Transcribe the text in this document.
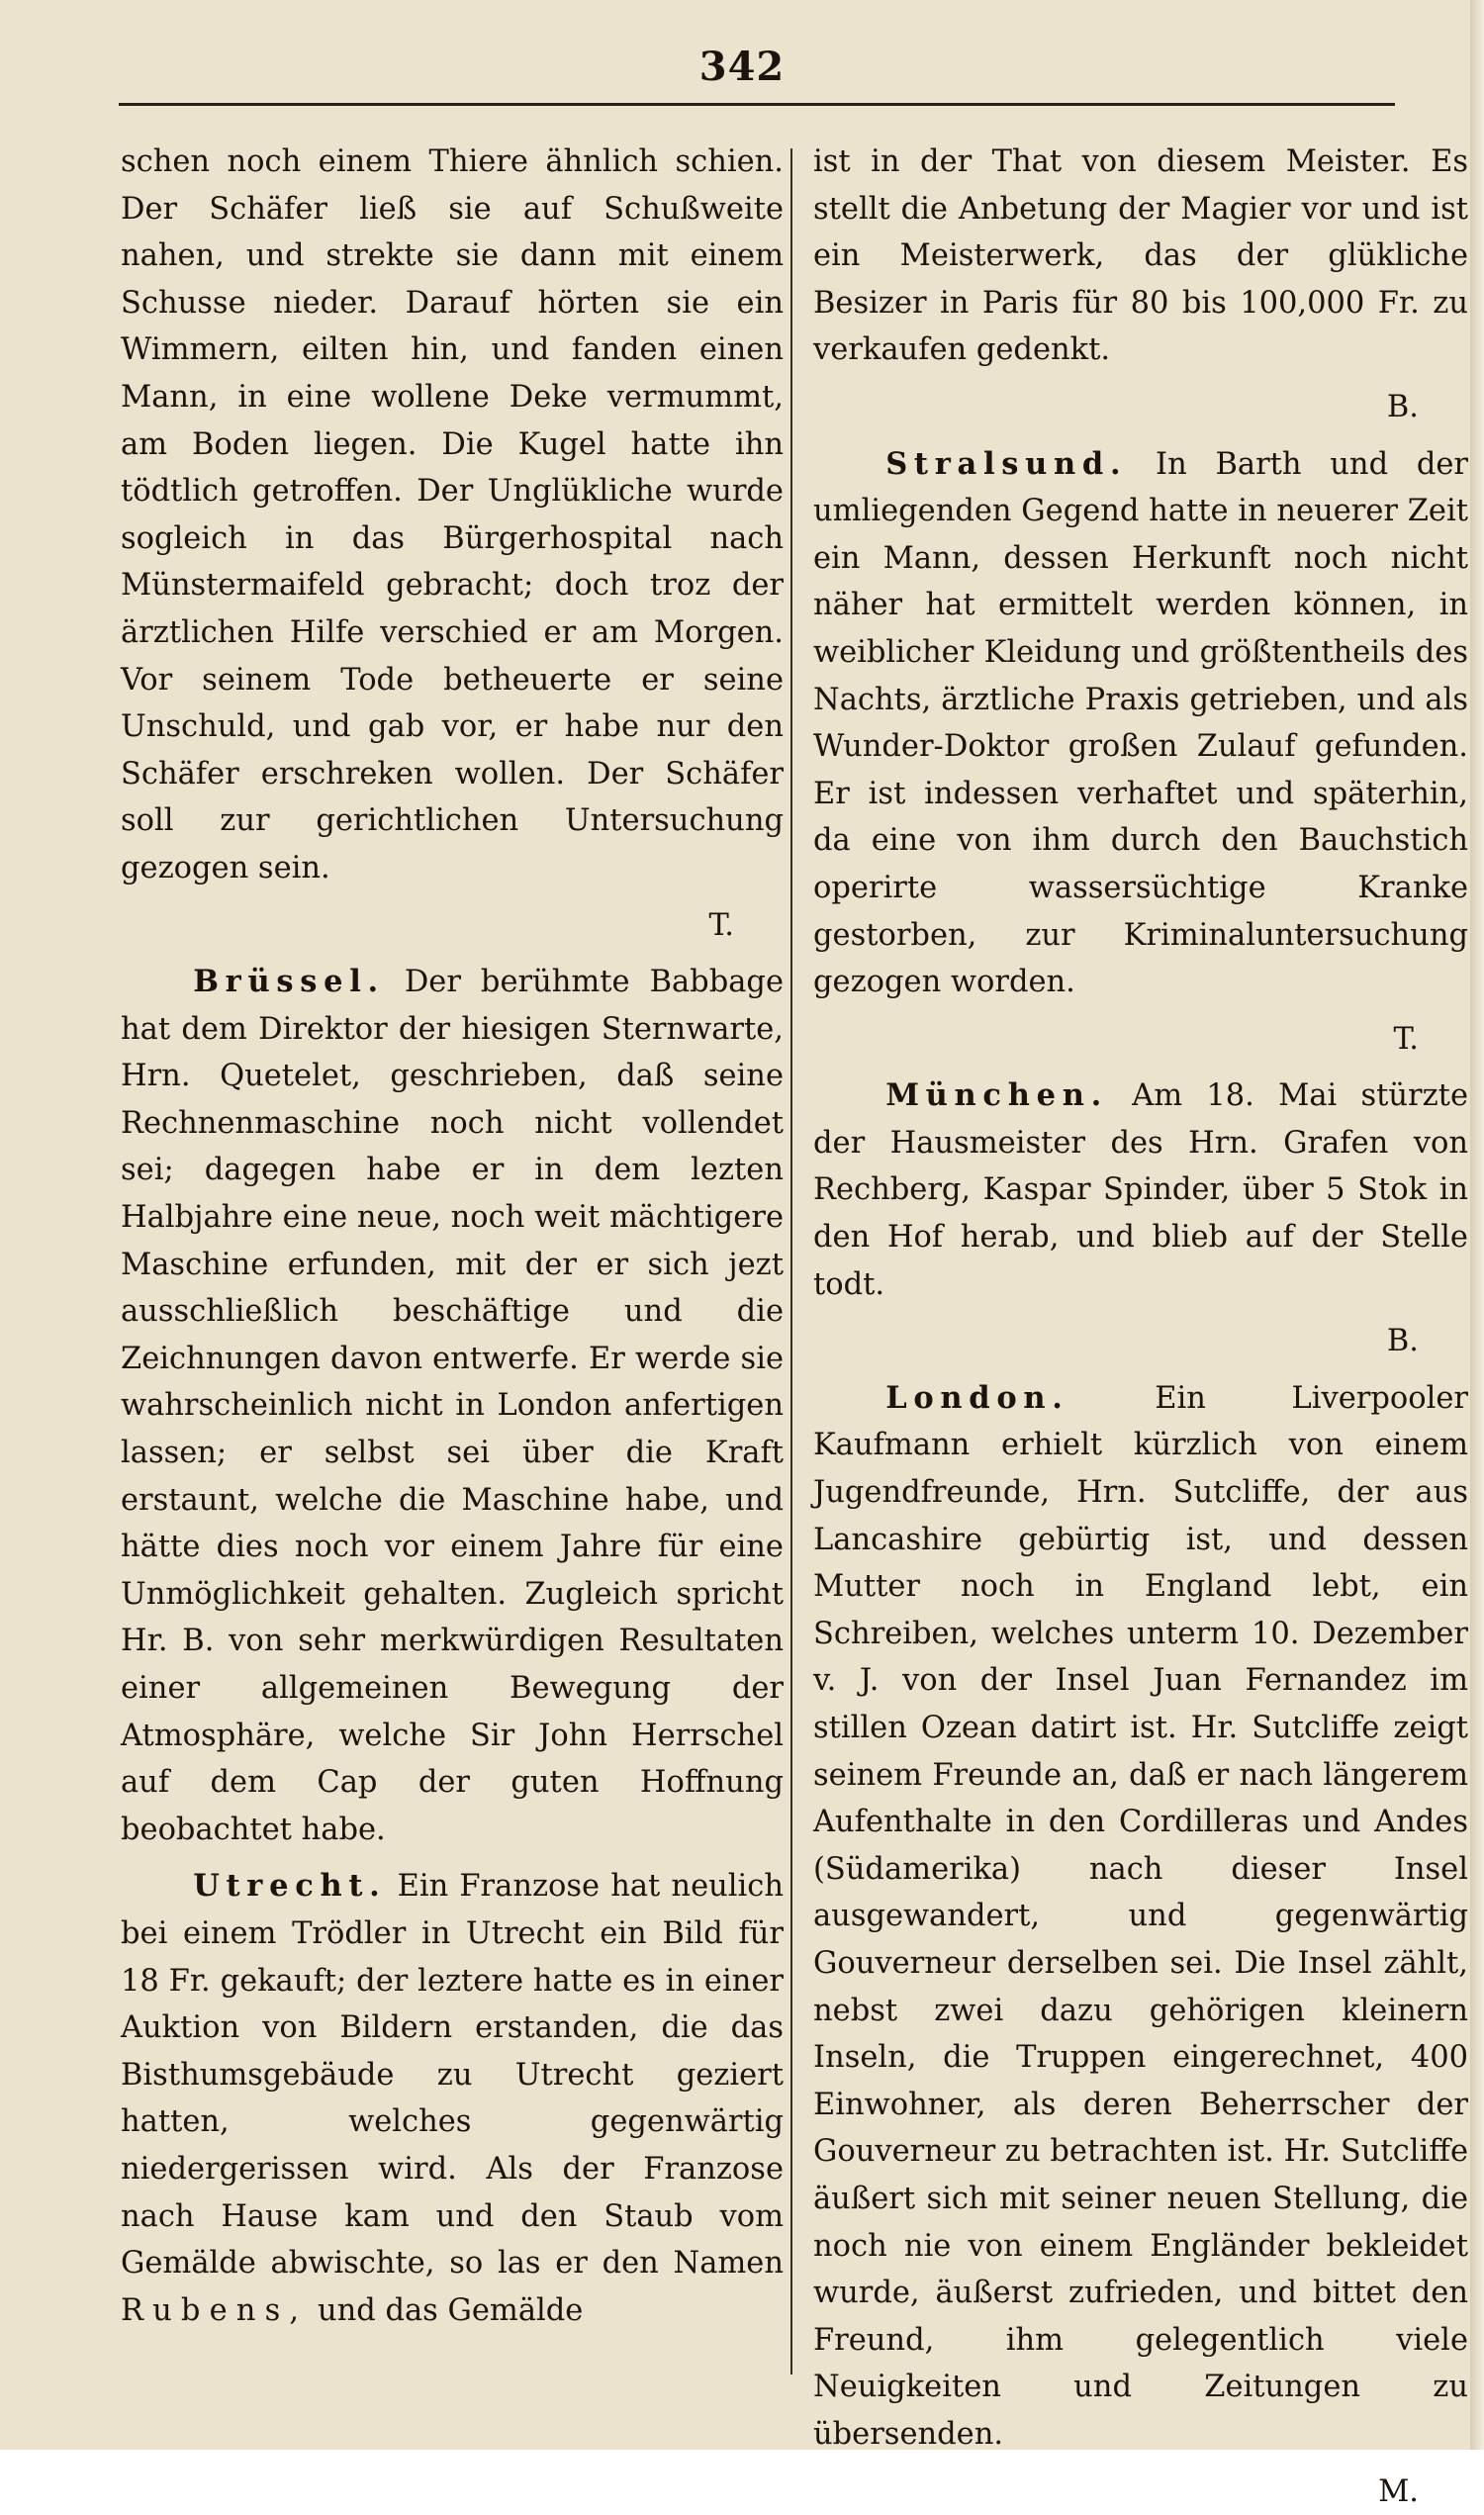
342

schen noch einem Thiere ähnlich schien. Der Schäfer ließ sie auf Schußweite nahen, und strekte sie dann mit einem Schusse nieder. Darauf hörten sie ein Wimmern, eilten hin, und fanden einen Mann, in eine wollene Deke vermummt, am Boden liegen. Die Kugel hatte ihn tödtlich getroffen. Der Unglükliche wurde sogleich in das Bürgerhospital nach Münstermaifeld gebracht; doch troz der ärztlichen Hilfe verschied er am Morgen. Vor seinem Tode betheuerte er seine Unschuld, und gab vor, er habe nur den Schäfer erschreken wollen. Der Schäfer soll zur gerichtlichen Untersuchung gezogen sein.

T.

Brüssel. Der berühmte Babbage hat dem Direktor der hiesigen Sternwarte, Hrn. Quetelet, geschrieben, daß seine Rechnenmaschine noch nicht vollendet sei; dagegen habe er in dem lezten Halbjahre eine neue, noch weit mächtigere Maschine erfunden, mit der er sich jezt ausschließlich beschäftige und die Zeichnungen davon entwerfe. Er werde sie wahrscheinlich nicht in London anfertigen lassen; er selbst sei über die Kraft erstaunt, welche die Maschine habe, und hätte dies noch vor einem Jahre für eine Unmöglichkeit gehalten. Zugleich spricht Hr. B. von sehr merkwürdigen Resultaten einer allgemeinen Bewegung der Atmosphäre, welche Sir John Herrschel auf dem Cap der guten Hoffnung beobachtet habe.

Utrecht. Ein Franzose hat neulich bei einem Trödler in Utrecht ein Bild für 18 Fr. gekauft; der leztere hatte es in einer Auktion von Bildern erstanden, die das Bisthumsgebäude zu Utrecht geziert hatten, welches gegenwärtig niedergerissen wird. Als der Franzose nach Hause kam und den Staub vom Gemälde abwischte, so las er den Namen Rubens, und das Gemälde

ist in der That von diesem Meister. Es stellt die Anbetung der Magier vor und ist ein Meisterwerk, das der glükliche Besizer in Paris für 80 bis 100,000 Fr. zu verkaufen gedenkt.

B.

Stralsund. In Barth und der umliegenden Gegend hatte in neuerer Zeit ein Mann, dessen Herkunft noch nicht näher hat ermittelt werden können, in weiblicher Kleidung und größtentheils des Nachts, ärztliche Praxis getrieben, und als Wunder-Doktor großen Zulauf gefunden. Er ist indessen verhaftet und späterhin, da eine von ihm durch den Bauchstich operirte wassersüchtige Kranke gestorben, zur Kriminaluntersuchung gezogen worden.

T.

München. Am 18. Mai stürzte der Hausmeister des Hrn. Grafen von Rechberg, Kaspar Spinder, über 5 Stok in den Hof herab, und blieb auf der Stelle todt.

B.

London.	Ein Liverpooler Kaufmann erhielt kürzlich von einem Jugendfreunde, Hrn. Sutcliffe, der aus Lancashire gebürtig ist, und dessen Mutter noch in England lebt, ein Schreiben, welches unterm 10. Dezember v. J. von der Insel Juan Fernandez im stillen Ozean datirt ist. Hr. Sutcliffe zeigt seinem Freunde an, daß er nach längerem Aufenthalte in den Cordilleras und Andes (Südamerika) nach dieser Insel ausgewandert, und gegenwärtig Gouverneur derselben sei. Die Insel zählt, nebst zwei dazu gehörigen kleinern Inseln, die Truppen eingerechnet, 400 Einwohner, als deren Beherrscher der Gouverneur zu betrachten ist. Hr. Sutcliffe äußert sich mit seiner neuen Stellung, die noch nie von einem Engländer bekleidet wurde, äußerst zufrieden, und bittet den Freund, ihm gelegentlich viele Neuigkeiten und Zeitungen zu übersenden.

M.
